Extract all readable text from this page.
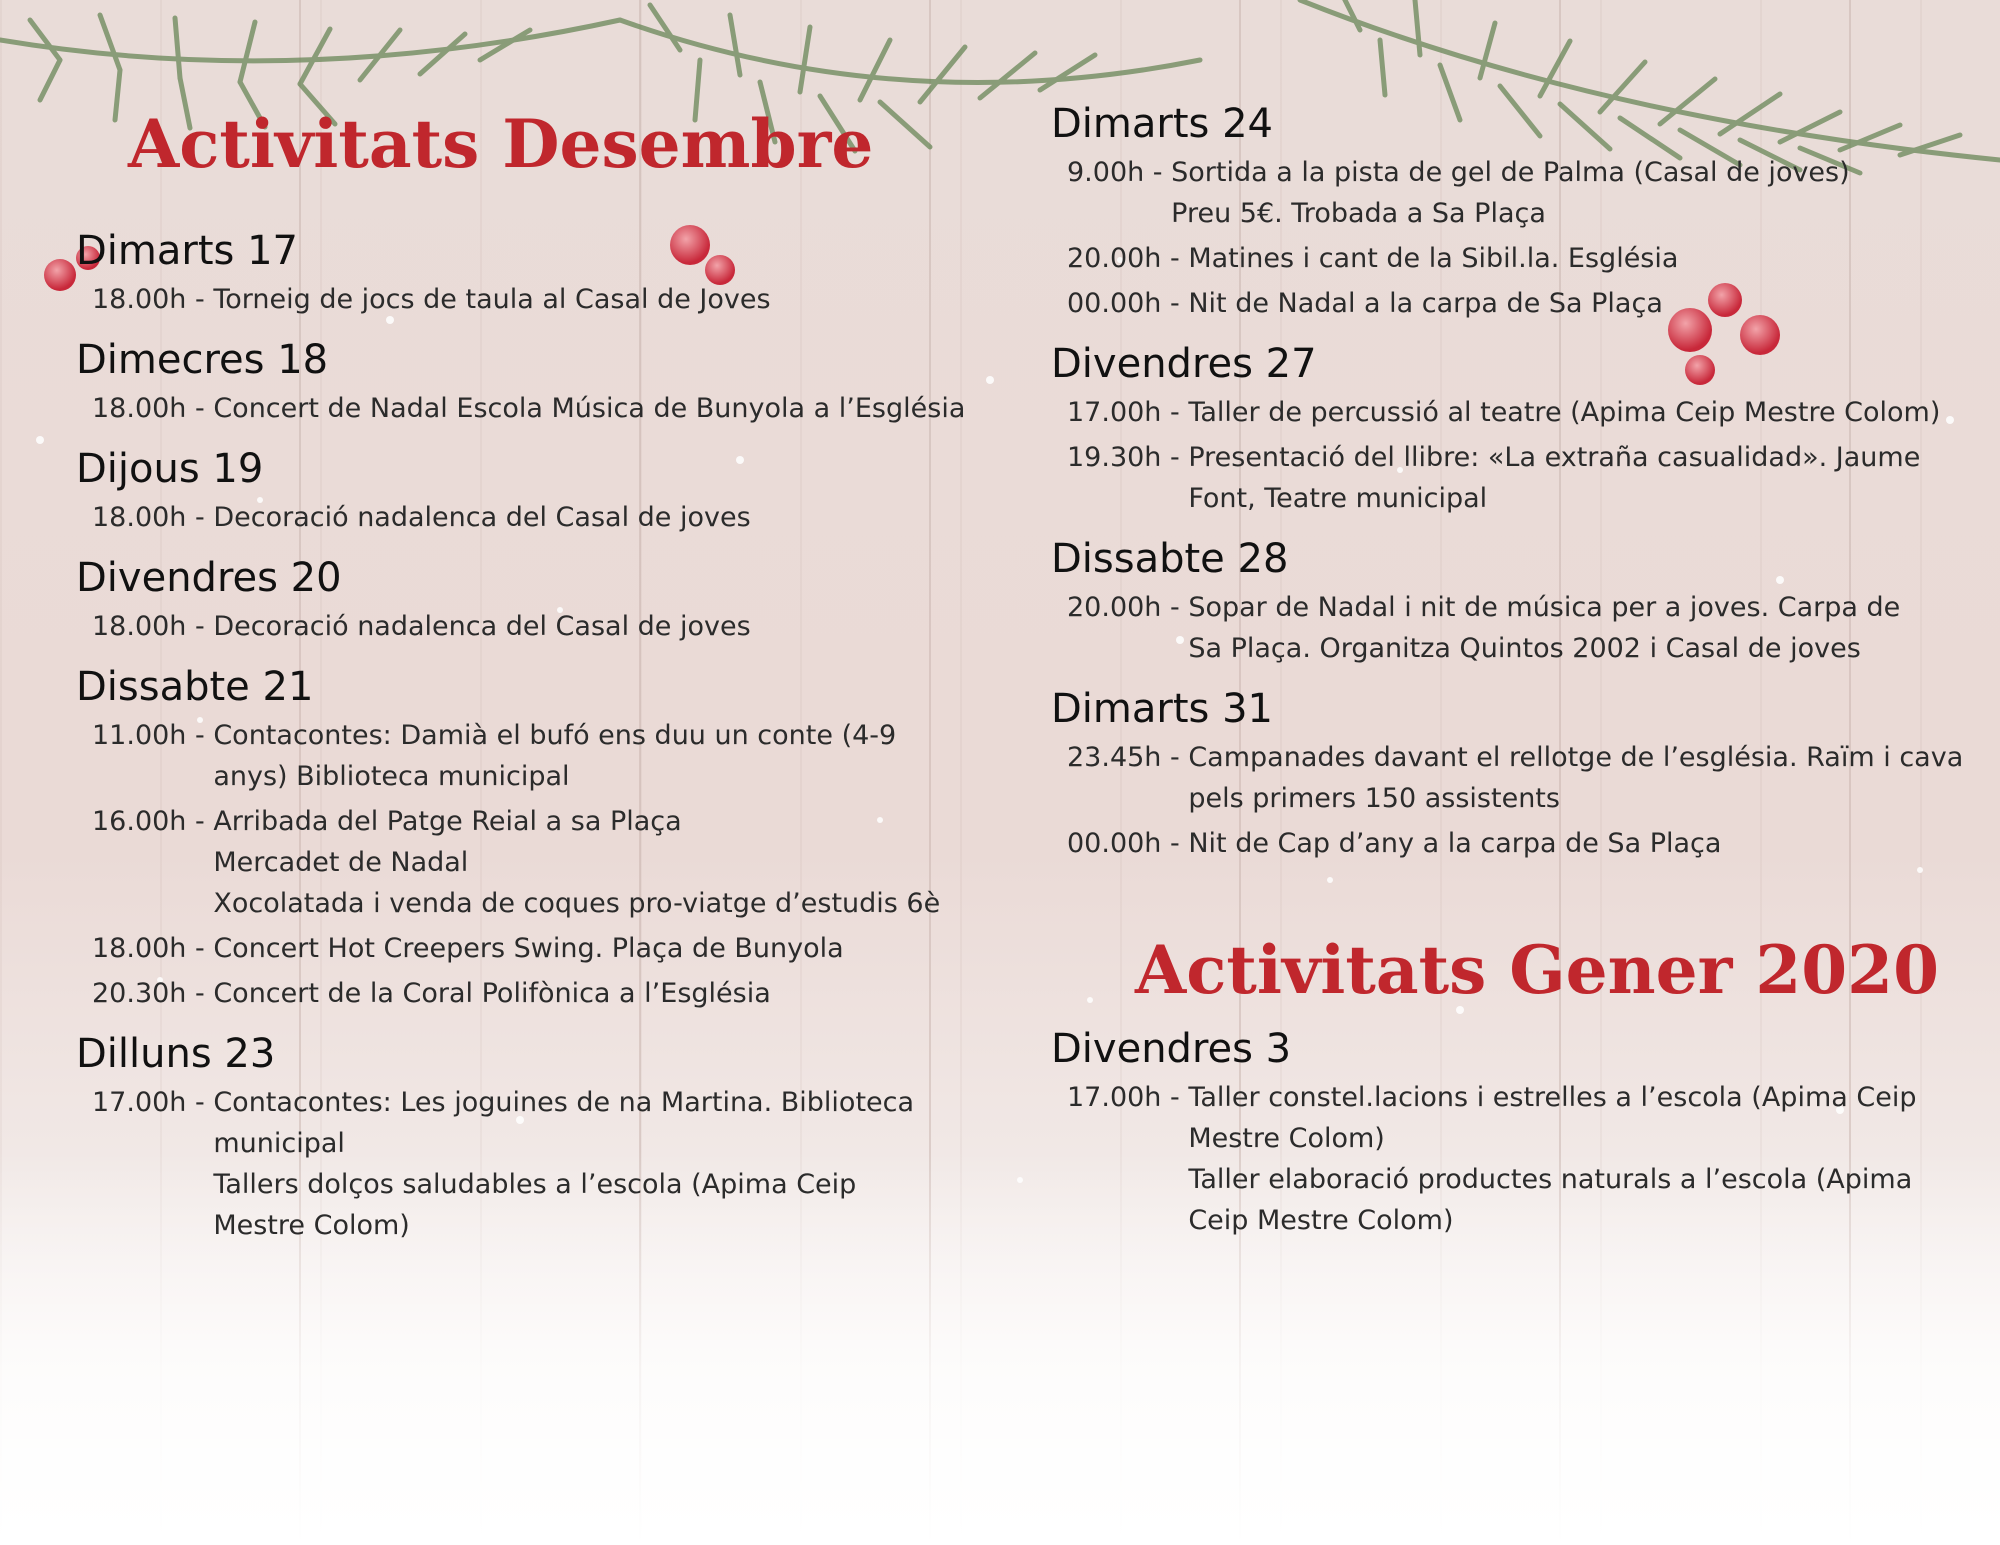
Activitats Desembre
Dimarts 17
18.00h - Torneig de jocs de taula al Casal de Joves
Dimecres 18
18.00h - Concert de Nadal Escola Música de Bunyola a l’Església
Dijous 19
18.00h - Decoració nadalenca del Casal de joves
Divendres 20
18.00h - Decoració nadalenca del Casal de joves
Dissabte 21
11.00h - Contacontes: Damià el bufó ens duu un conte (4-9
anys) Biblioteca municipal
16.00h - Arribada del Patge Reial a sa Plaça
Mercadet de Nadal
Xocolatada i venda de coques pro-viatge d’estudis 6è
18.00h - Concert Hot Creepers Swing. Plaça de Bunyola
20.30h - Concert de la Coral Polifònica a l’Església
Dilluns 23
17.00h - Contacontes: Les joguines de na Martina. Biblioteca
municipal
Tallers dolços saludables a l’escola (Apima Ceip
Mestre Colom)
Dimarts 24
9.00h - Sortida a la pista de gel de Palma (Casal de joves)
Preu 5€. Trobada a Sa Plaça
20.00h - Matines i cant de la Sibil.la. Església
00.00h - Nit de Nadal a la carpa de Sa Plaça
Divendres 27
17.00h - Taller de percussió al teatre (Apima Ceip Mestre Colom)
19.30h - Presentació del llibre: «La extraña casualidad». Jaume
Font, Teatre municipal
Dissabte 28
20.00h - Sopar de Nadal i nit de música per a joves. Carpa de
Sa Plaça. Organitza Quintos 2002 i Casal de joves
Dimarts 31
23.45h - Campanades davant el rellotge de l’església. Raïm i cava
pels primers 150 assistents
00.00h - Nit de Cap d’any a la carpa de Sa Plaça
Activitats Gener 2020
Divendres 3
17.00h - Taller constel.lacions i estrelles a l’escola (Apima Ceip
Mestre Colom)
Taller elaboració productes naturals a l’escola (Apima
Ceip Mestre Colom)
